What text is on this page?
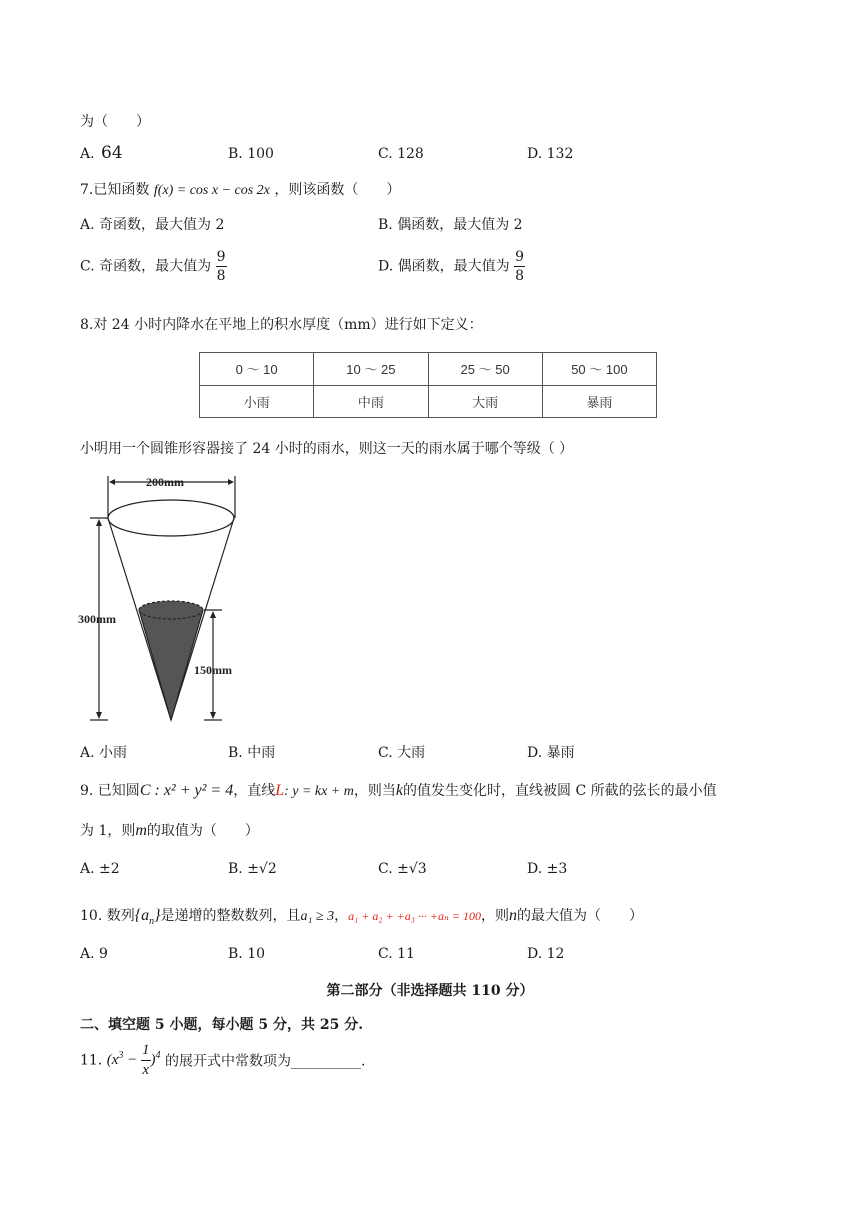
为（　　）
A. 64	B. 100	C. 128	D. 132
7.已知函数 f(x) = cos x − cos 2x ，则该函数（　　）
A. 奇函数，最大值为 2	B. 偶函数，最大值为 2
C. 奇函数，最大值为 $\frac{9}{8}$	D. 偶函数，最大值为 $\frac{9}{8}$
8.对 24 小时内降水在平地上的积水厚度（mm）进行如下定义：
0 ～ 10	10 ～ 25	25 ～ 50	50 ～ 100
小雨	中雨	大雨	暴雨
小明用一个圆锥形容器接了 24 小时的雨水，则这一天的雨水属于哪个等级（ ）
200mm
300mm
150mm
A. 小雨	B. 中雨	C. 大雨	D. 暴雨
9. 已知圆C : x² + y² = 4，直线L: y = kx + m，则当k的值发生变化时，直线被圆 C 所截的弦长的最小值
为 1，则m的取值为（　　）
A. ±2	B. ±√2	C. ±√3	D. ±3
10. 数列$\{a_n\}$是递增的整数数列，且a₁ ≥ 3，a₁ + a₂ + +a₃ ··· +aₙ = 100，则n的最大值为（　　）
A. 9	B. 10	C. 11	D. 12
第二部分（非选择题共 110 分）
二、填空题 5 小题，每小题 5 分，共 25 分.
11. $(x^3 - \frac{1}{x} )^4$ 的展开式中常数项为__________.
